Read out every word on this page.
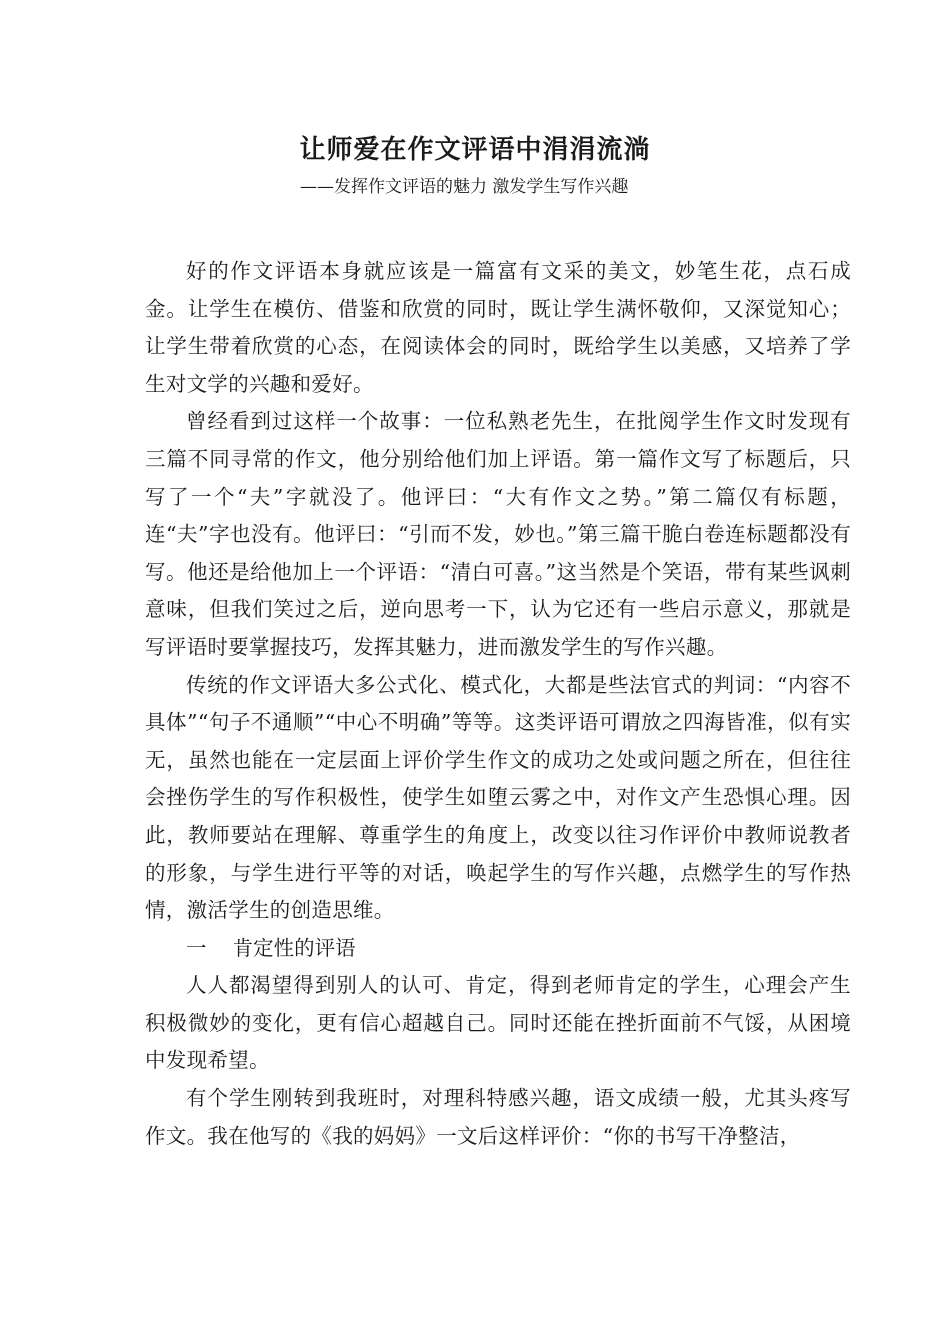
让师爱在作文评语中涓涓流淌
——发挥作文评语的魅力 激发学生写作兴趣

好的作文评语本身就应该是一篇富有文采的美文，妙笔生花，点石成金。让学生在模仿、借鉴和欣赏的同时，既让学生满怀敬仰，又深觉知心；让学生带着欣赏的心态，在阅读体会的同时，既给学生以美感，又培养了学生对文学的兴趣和爱好。

曾经看到过这样一个故事：一位私熟老先生，在批阅学生作文时发现有三篇不同寻常的作文，他分别给他们加上评语。第一篇作文写了标题后，只写了一个“夫”字就没了。他评曰：“大有作文之势。”第二篇仅有标题，连“夫”字也没有。他评曰：“引而不发，妙也。”第三篇干脆白卷连标题都没有写。他还是给他加上一个评语：“清白可喜。”这当然是个笑语，带有某些讽刺意味，但我们笑过之后，逆向思考一下，认为它还有一些启示意义，那就是写评语时要掌握技巧，发挥其魅力，进而激发学生的写作兴趣。

传统的作文评语大多公式化、模式化，大都是些法官式的判词：“内容不具体”“句子不通顺”“中心不明确”等等。这类评语可谓放之四海皆准，似有实无，虽然也能在一定层面上评价学生作文的成功之处或问题之所在，但往往会挫伤学生的写作积极性，使学生如堕云雾之中，对作文产生恐惧心理。因此，教师要站在理解、尊重学生的角度上，改变以往习作评价中教师说教者的形象，与学生进行平等的对话，唤起学生的写作兴趣，点燃学生的写作热情，激活学生的创造思维。

一    肯定性的评语

人人都渴望得到别人的认可、肯定，得到老师肯定的学生，心理会产生积极微妙的变化，更有信心超越自己。同时还能在挫折面前不气馁，从困境中发现希望。

有个学生刚转到我班时，对理科特感兴趣，语文成绩一般，尤其头疼写作文。我在他写的《我的妈妈》一文后这样评价：“你的书写干净整洁，
